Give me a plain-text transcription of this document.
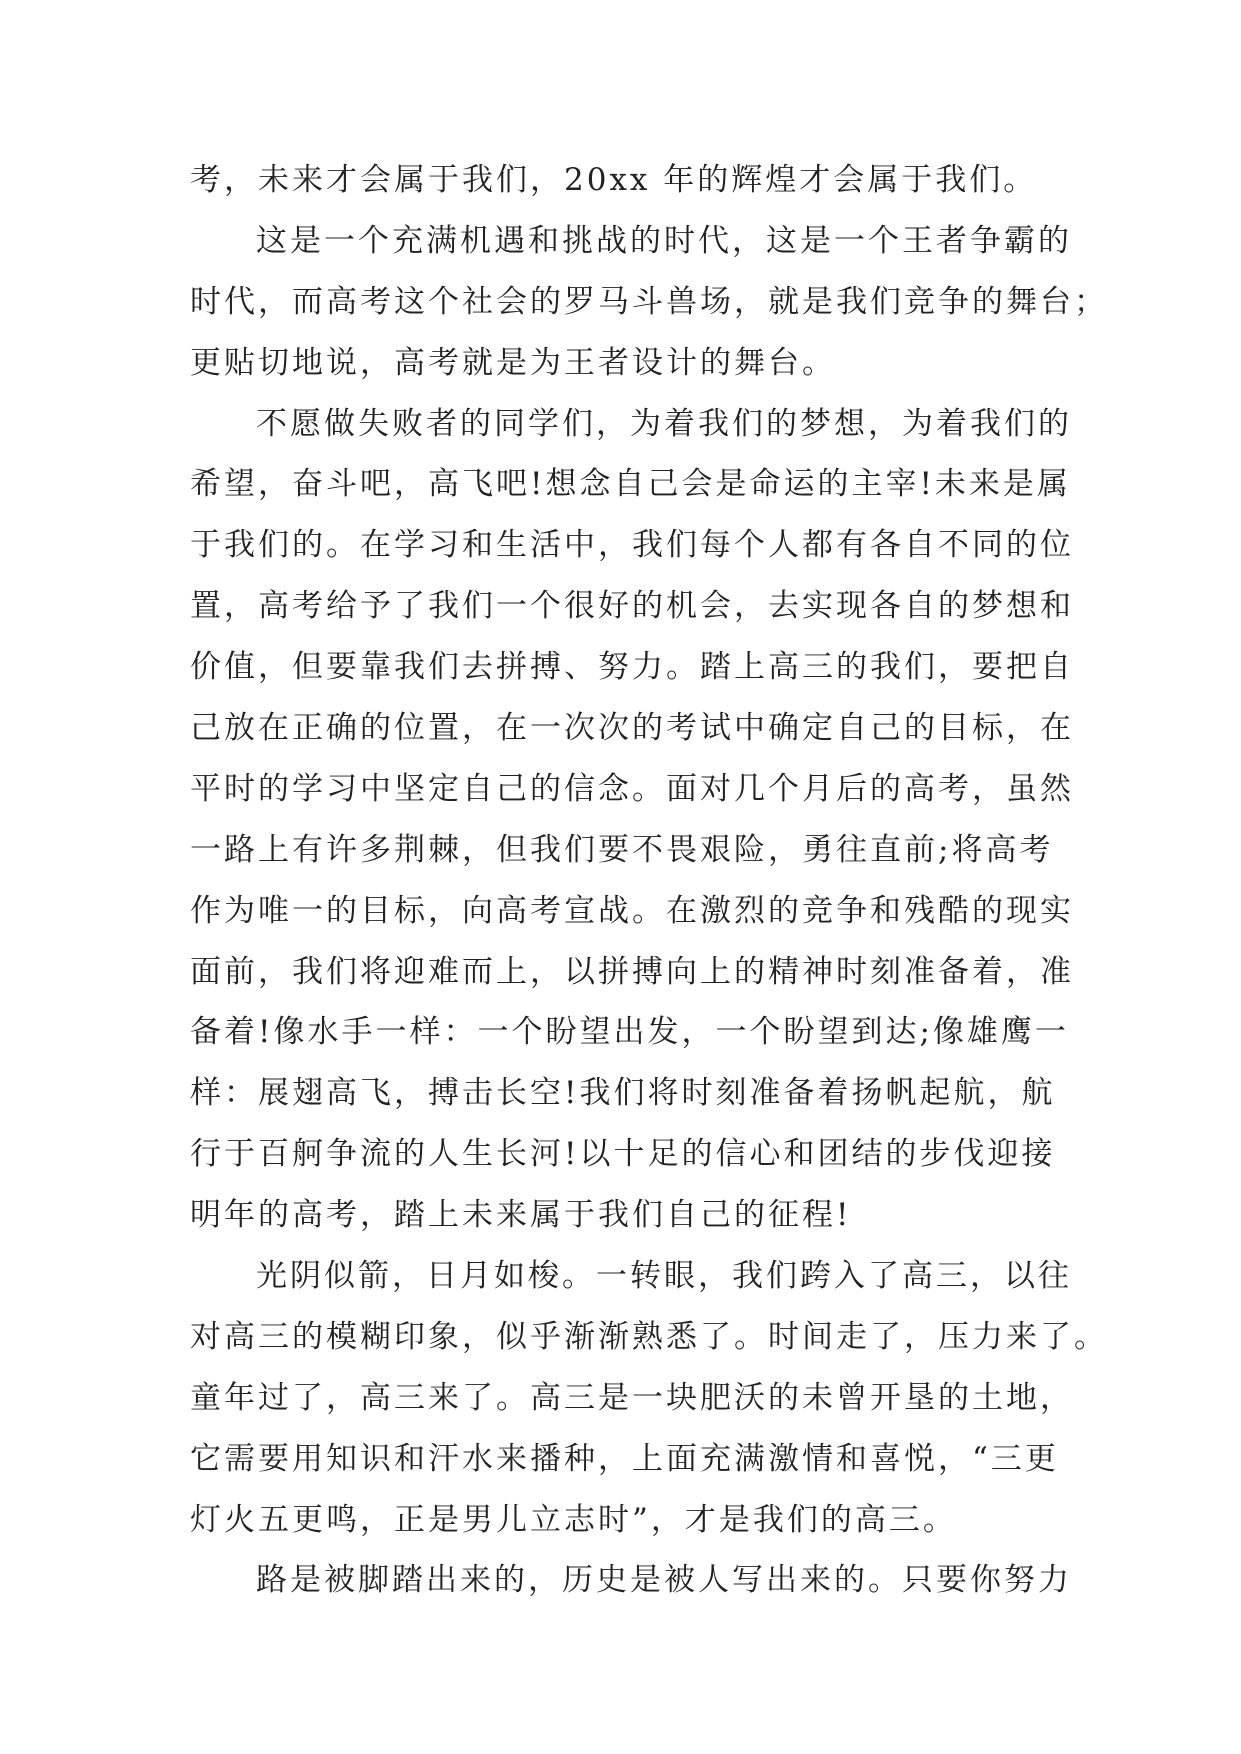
考，未来才会属于我们，20xx 年的辉煌才会属于我们。
这是一个充满机遇和挑战的时代，这是一个王者争霸的
时代，而高考这个社会的罗马斗兽场，就是我们竞争的舞台；
更贴切地说，高考就是为王者设计的舞台。
不愿做失败者的同学们，为着我们的梦想，为着我们的
希望，奋斗吧，高飞吧!想念自己会是命运的主宰!未来是属
于我们的。在学习和生活中，我们每个人都有各自不同的位
置，高考给予了我们一个很好的机会，去实现各自的梦想和
价值，但要靠我们去拼搏、努力。踏上高三的我们，要把自
己放在正确的位置，在一次次的考试中确定自己的目标，在
平时的学习中坚定自己的信念。面对几个月后的高考，虽然
一路上有许多荆棘，但我们要不畏艰险，勇往直前;将高考
作为唯一的目标，向高考宣战。在激烈的竞争和残酷的现实
面前，我们将迎难而上，以拼搏向上的精神时刻准备着，准
备着!像水手一样：一个盼望出发，一个盼望到达;像雄鹰一
样：展翅高飞，搏击长空!我们将时刻准备着扬帆起航，航
行于百舸争流的人生长河!以十足的信心和团结的步伐迎接
明年的高考，踏上未来属于我们自己的征程!
光阴似箭，日月如梭。一转眼，我们跨入了高三，以往
对高三的模糊印象，似乎渐渐熟悉了。时间走了，压力来了。
童年过了，高三来了。高三是一块肥沃的未曾开垦的土地，
它需要用知识和汗水来播种，上面充满激情和喜悦，“三更
灯火五更鸣，正是男儿立志时”，才是我们的高三。
路是被脚踏出来的，历史是被人写出来的。只要你努力
